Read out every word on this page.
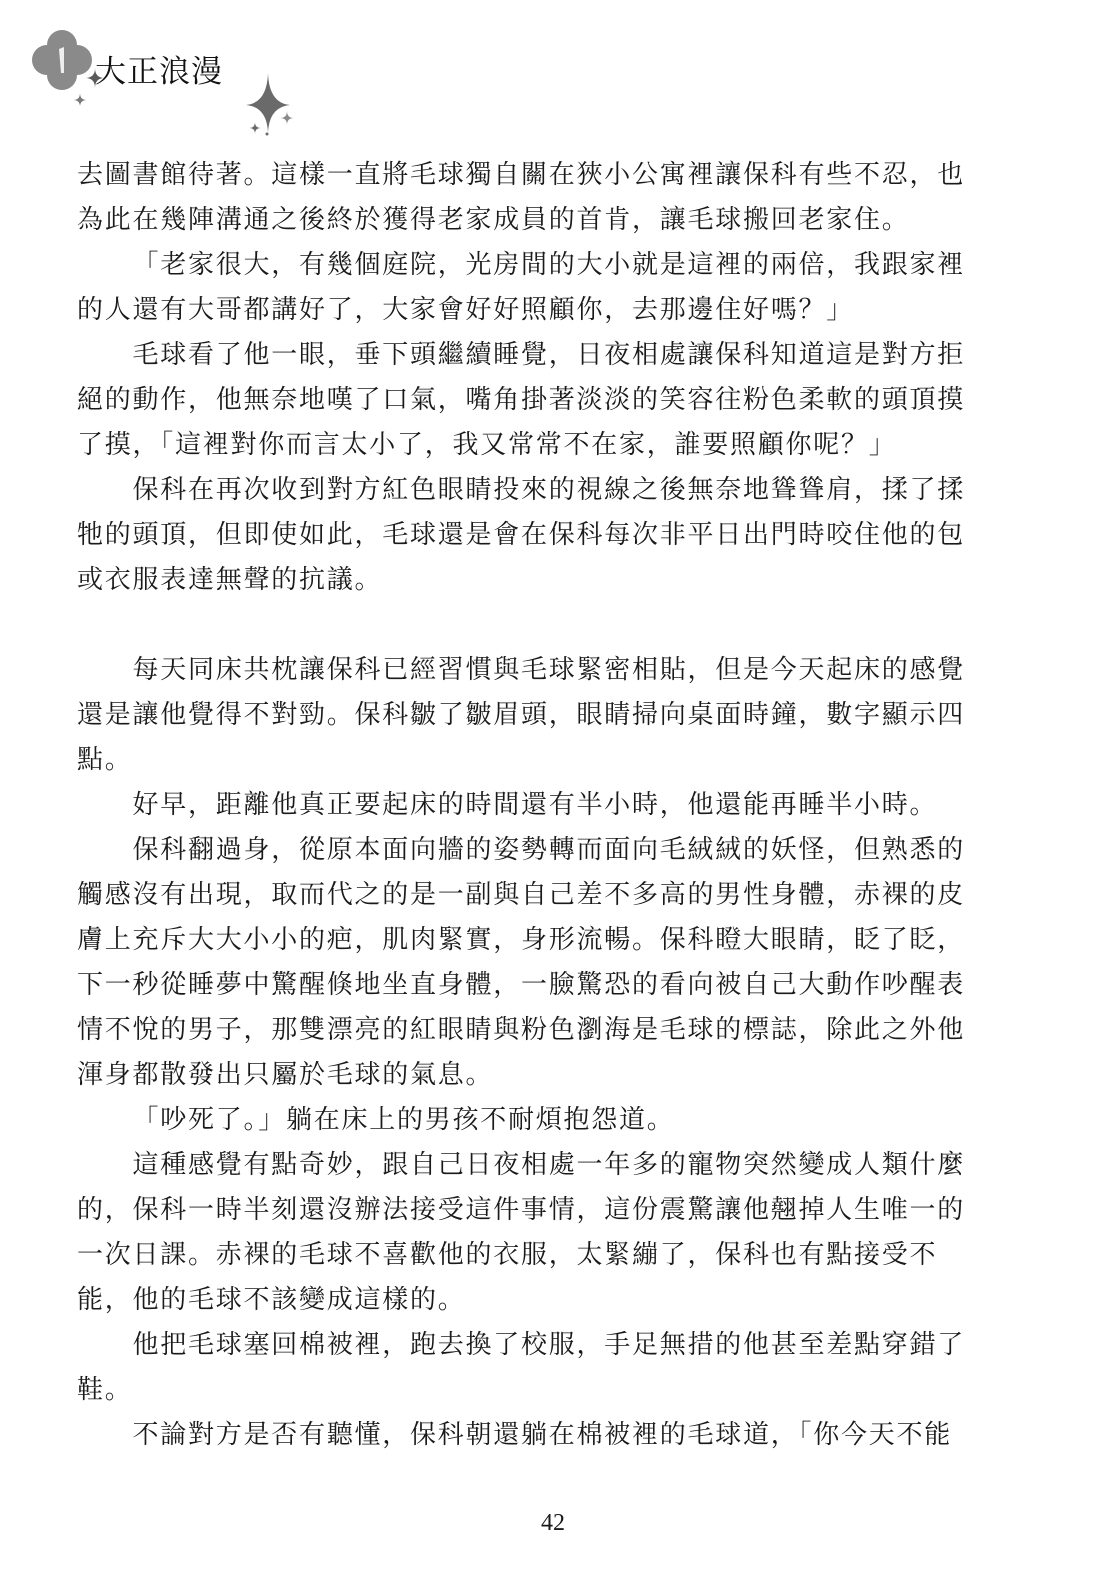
大正浪漫
去圖書館待著。這樣一直將毛球獨自關在狹小公寓裡讓保科有些不忍，也
為此在幾陣溝通之後終於獲得老家成員的首肯，讓毛球搬回老家住。
「老家很大，有幾個庭院，光房間的大小就是這裡的兩倍，我跟家裡
的人還有大哥都講好了，大家會好好照顧你，去那邊住好嗎？」
毛球看了他一眼，垂下頭繼續睡覺，日夜相處讓保科知道這是對方拒
絕的動作，他無奈地嘆了口氣，嘴角掛著淡淡的笑容往粉色柔軟的頭頂摸
了摸，「這裡對你而言太小了，我又常常不在家，誰要照顧你呢？」
保科在再次收到對方紅色眼睛投來的視線之後無奈地聳聳肩，揉了揉
牠的頭頂，但即使如此，毛球還是會在保科每次非平日出門時咬住他的包
或衣服表達無聲的抗議。
每天同床共枕讓保科已經習慣與毛球緊密相貼，但是今天起床的感覺
還是讓他覺得不對勁。保科皺了皺眉頭，眼睛掃向桌面時鐘，數字顯示四
點。
好早，距離他真正要起床的時間還有半小時，他還能再睡半小時。
保科翻過身，從原本面向牆的姿勢轉而面向毛絨絨的妖怪，但熟悉的
觸感沒有出現，取而代之的是一副與自己差不多高的男性身體，赤裸的皮
膚上充斥大大小小的疤，肌肉緊實，身形流暢。保科瞪大眼睛，眨了眨，
下一秒從睡夢中驚醒倏地坐直身體，一臉驚恐的看向被自己大動作吵醒表
情不悅的男子，那雙漂亮的紅眼睛與粉色瀏海是毛球的標誌，除此之外他
渾身都散發出只屬於毛球的氣息。
「吵死了。」躺在床上的男孩不耐煩抱怨道。
這種感覺有點奇妙，跟自己日夜相處一年多的寵物突然變成人類什麼
的，保科一時半刻還沒辦法接受這件事情，這份震驚讓他翹掉人生唯一的
一次日課。赤裸的毛球不喜歡他的衣服，太緊繃了，保科也有點接受不
能，他的毛球不該變成這樣的。
他把毛球塞回棉被裡，跑去換了校服，手足無措的他甚至差點穿錯了
鞋。
不論對方是否有聽懂，保科朝還躺在棉被裡的毛球道，「你今天不能
42
